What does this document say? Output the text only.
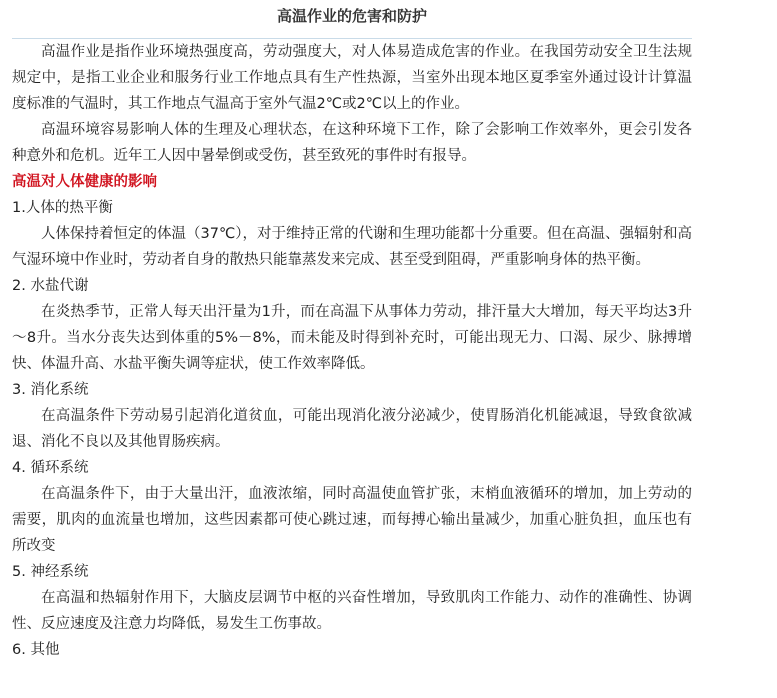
高温作业的危害和防护

高温作业是指作业环境热强度高，劳动强度大，对人体易造成危害的作业。在我国劳动安全卫生法规规定中，是指工业企业和服务行业工作地点具有生产性热源，当室外出现本地区夏季室外通过设计计算温度标准的气温时，其工作地点气温高于室外气温2℃或2℃以上的作业。

高温环境容易影响人体的生理及心理状态，在这种环境下工作，除了会影响工作效率外，更会引发各种意外和危机。近年工人因中暑晕倒或受伤，甚至致死的事件时有报导。

高温对人体健康的影响

1.人体的热平衡

人体保持着恒定的体温（37℃），对于维持正常的代谢和生理功能都十分重要。但在高温、强辐射和高气湿环境中作业时，劳动者自身的散热只能靠蒸发来完成、甚至受到阻碍，严重影响身体的热平衡。

2. 水盐代谢

在炎热季节，正常人每天出汗量为1升，而在高温下从事体力劳动，排汗量大大增加，每天平均达3升～8升。当水分丧失达到体重的5%－8%，而未能及时得到补充时，可能出现无力、口渴、尿少、脉搏增快、体温升高、水盐平衡失调等症状，使工作效率降低。

3. 消化系统

在高温条件下劳动易引起消化道贫血，可能出现消化液分泌减少，使胃肠消化机能减退，导致食欲减退、消化不良以及其他胃肠疾病。

4. 循环系统

在高温条件下，由于大量出汗，血液浓缩，同时高温使血管扩张，末梢血液循环的增加，加上劳动的需要，肌肉的血流量也增加，这些因素都可使心跳过速，而每搏心输出量减少，加重心脏负担，血压也有所改变

5. 神经系统

在高温和热辐射作用下，大脑皮层调节中枢的兴奋性增加，导致肌肉工作能力、动作的准确性、协调性、反应速度及注意力均降低，易发生工伤事故。

6. 其他
